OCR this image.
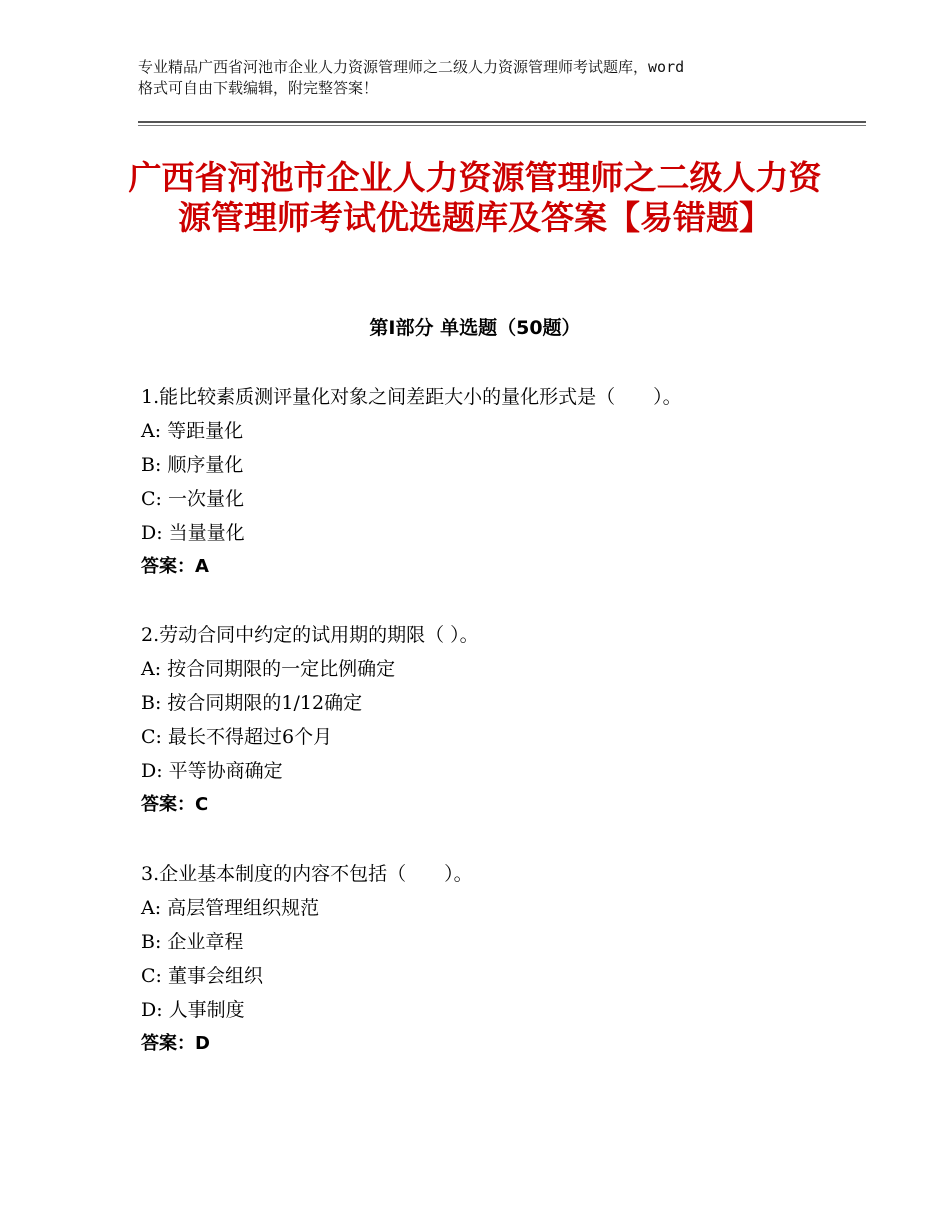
专业精品广西省河池市企业人力资源管理师之二级人力资源管理师考试题库，word
格式可自由下载编辑，附完整答案！
广西省河池市企业人力资源管理师之二级人力资源管理师考试优选题库及答案【易错题】
第Ⅰ部分 单选题（50题）
1.能比较素质测评量化对象之间差距大小的量化形式是（　　）。
A: 等距量化
B: 顺序量化
C: 一次量化
D: 当量量化
答案：A
2.劳动合同中约定的试用期的期限（ ）。
A: 按合同期限的一定比例确定
B: 按合同期限的1/12确定
C: 最长不得超过6个月
D: 平等协商确定
答案：C
3.企业基本制度的内容不包括（　　）。
A: 高层管理组织规范
B: 企业章程
C: 董事会组织
D: 人事制度
答案：D
